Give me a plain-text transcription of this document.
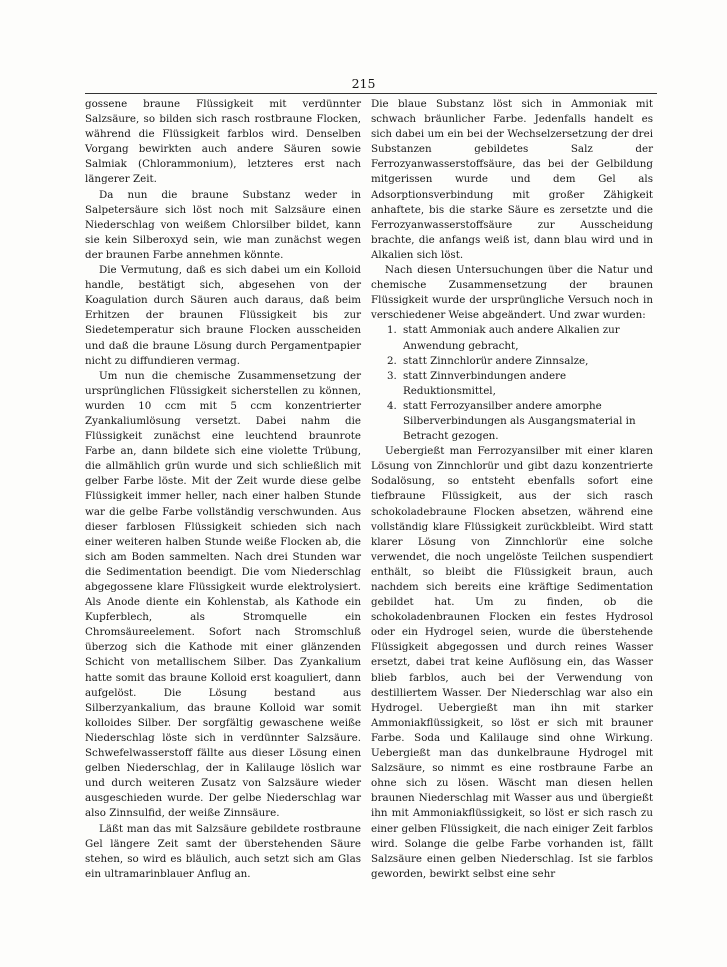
215

gossene braune Flüssigkeit mit verdünnter Salzsäure, so bilden sich rasch rostbraune Flocken, während die Flüssigkeit farblos wird. Denselben Vorgang bewirkten auch andere Säuren sowie Salmiak (Chlorammonium), letzteres erst nach längerer Zeit.

Da nun die braune Substanz weder in Salpetersäure sich löst noch mit Salzsäure einen Niederschlag von weißem Chlorsilber bildet, kann sie kein Silberoxyd sein, wie man zunächst wegen der braunen Farbe annehmen könnte.

Die Vermutung, daß es sich dabei um ein Kolloid handle, bestätigt sich, abgesehen von der Koagulation durch Säuren auch daraus, daß beim Erhitzen der braunen Flüssigkeit bis zur Siedetemperatur sich braune Flocken ausscheiden und daß die braune Lösung durch Pergamentpapier nicht zu diffundieren vermag.

Um nun die chemische Zusammensetzung der ursprünglichen Flüssigkeit sicherstellen zu können, wurden 10 ccm mit 5 ccm konzentrierter Zyankaliumlösung versetzt. Dabei nahm die Flüssigkeit zunächst eine leuchtend braunrote Farbe an, dann bildete sich eine violette Trübung, die allmählich grün wurde und sich schließlich mit gelber Farbe löste. Mit der Zeit wurde diese gelbe Flüssigkeit immer heller, nach einer halben Stunde war die gelbe Farbe vollständig verschwunden. Aus dieser farblosen Flüssigkeit schieden sich nach einer weiteren halben Stunde weiße Flocken ab, die sich am Boden sammelten. Nach drei Stunden war die Sedimentation beendigt. Die vom Niederschlag abgegossene klare Flüssigkeit wurde elektrolysiert. Als Anode diente ein Kohlenstab, als Kathode ein Kupferblech, als Stromquelle ein Chromsäureelement. Sofort nach Stromschluß überzog sich die Kathode mit einer glänzenden Schicht von metallischem Silber. Das Zyankalium hatte somit das braune Kolloid erst koaguliert, dann aufgelöst. Die Lösung bestand aus Silberzyankalium, das braune Kolloid war somit kolloides Silber. Der sorgfältig gewaschene weiße Niederschlag löste sich in verdünnter Salzsäure. Schwefelwasserstoff fällte aus dieser Lösung einen gelben Niederschlag, der in Kalilauge löslich war und durch weiteren Zusatz von Salzsäure wieder ausgeschieden wurde. Der gelbe Niederschlag war also Zinnsulfid, der weiße Zinnsäure.

Läßt man das mit Salzsäure gebildete rostbraune Gel längere Zeit samt der überstehenden Säure stehen, so wird es bläulich, auch setzt sich am Glas ein ultramarinblauer Anflug an.

Die blaue Substanz löst sich in Ammoniak mit schwach bräunlicher Farbe. Jedenfalls handelt es sich dabei um ein bei der Wechselzersetzung der drei Substanzen gebildetes Salz der Ferrozyanwasserstoffsäure, das bei der Gelbildung mitgerissen wurde und dem Gel als Adsorptionsverbindung mit großer Zähigkeit anhaftete, bis die starke Säure es zersetzte und die Ferrozyanwasserstoffsäure zur Ausscheidung brachte, die anfangs weiß ist, dann blau wird und in Alkalien sich löst.

Nach diesen Untersuchungen über die Natur und chemische Zusammensetzung der braunen Flüssigkeit wurde der ursprüngliche Versuch noch in verschiedener Weise abgeändert. Und zwar wurden:

1. statt Ammoniak auch andere Alkalien zur Anwendung gebracht,
2. statt Zinnchlorür andere Zinnsalze,
3. statt Zinnverbindungen andere Reduktionsmittel,
4. statt Ferrozyansilber andere amorphe Silberverbindungen als Ausgangsmaterial in Betracht gezogen.

Uebergießt man Ferrozyansilber mit einer klaren Lösung von Zinnchlorür und gibt dazu konzentrierte Sodalösung, so entsteht ebenfalls sofort eine tiefbraune Flüssigkeit, aus der sich rasch schokoladebraune Flocken absetzen, während eine vollständig klare Flüssigkeit zurückbleibt. Wird statt klarer Lösung von Zinnchlorür eine solche verwendet, die noch ungelöste Teilchen suspendiert enthält, so bleibt die Flüssigkeit braun, auch nachdem sich bereits eine kräftige Sedimentation gebildet hat. Um zu finden, ob die schokoladenbraunen Flocken ein festes Hydrosol oder ein Hydrogel seien, wurde die überstehende Flüssigkeit abgegossen und durch reines Wasser ersetzt, dabei trat keine Auflösung ein, das Wasser blieb farblos, auch bei der Verwendung von destilliertem Wasser. Der Niederschlag war also ein Hydrogel. Uebergießt man ihn mit starker Ammoniakflüssigkeit, so löst er sich mit brauner Farbe. Soda und Kalilauge sind ohne Wirkung. Uebergießt man das dunkelbraune Hydrogel mit Salzsäure, so nimmt es eine rostbraune Farbe an ohne sich zu lösen. Wäscht man diesen hellen braunen Niederschlag mit Wasser aus und übergießt ihn mit Ammoniakflüssigkeit, so löst er sich rasch zu einer gelben Flüssigkeit, die nach einiger Zeit farblos wird. Solange die gelbe Farbe vorhanden ist, fällt Salzsäure einen gelben Niederschlag. Ist sie farblos geworden, bewirkt selbst eine sehr
